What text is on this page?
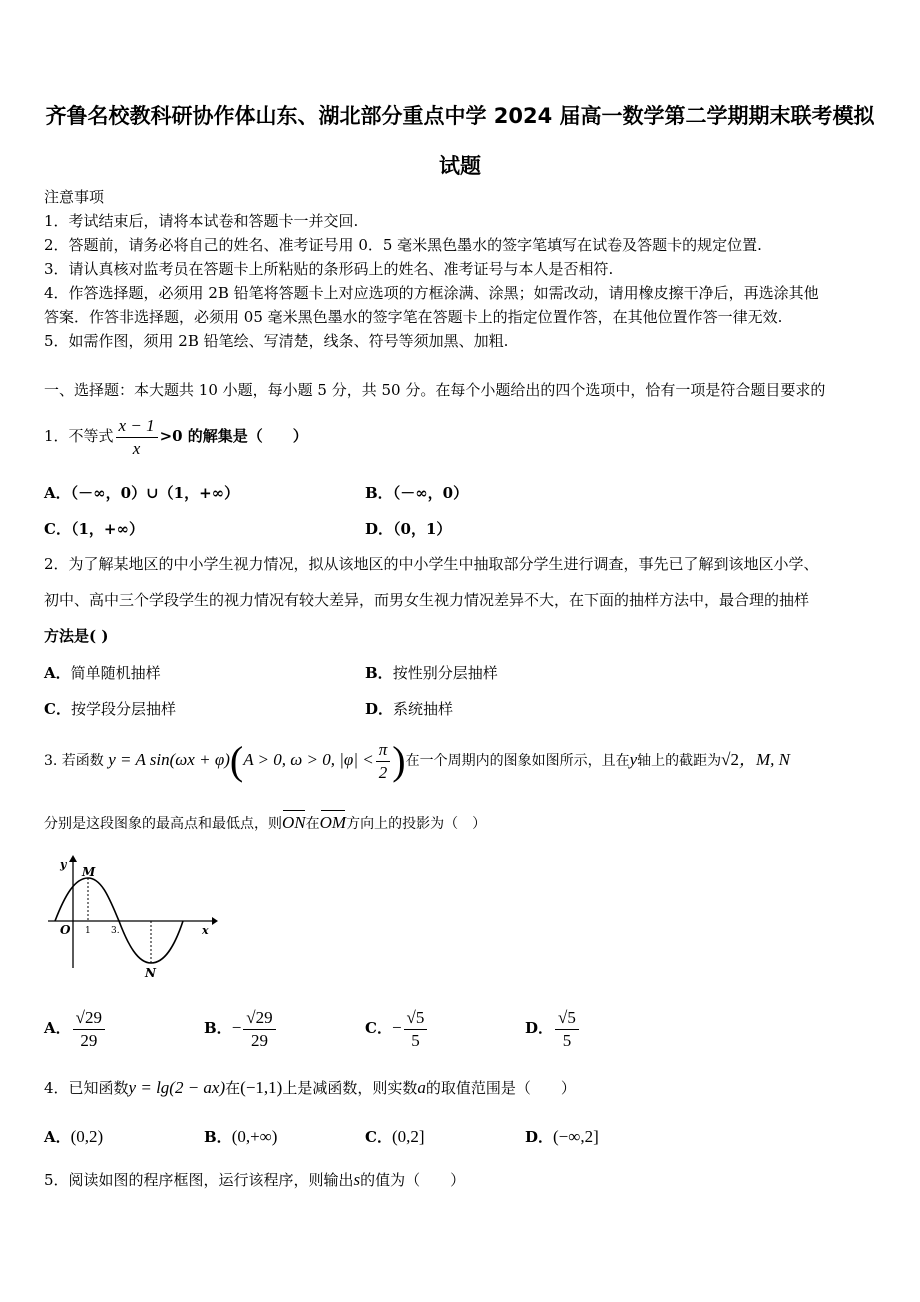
齐鲁名校教科研协作体山东、湖北部分重点中学 2024 届高一数学第二学期期末联考模拟
试题
注意事项
1．考试结束后，请将本试卷和答题卡一并交回.
2．答题前，请务必将自己的姓名、准考证号用 0．5 毫米黑色墨水的签字笔填写在试卷及答题卡的规定位置.
3．请认真核对监考员在答题卡上所粘贴的条形码上的姓名、准考证号与本人是否相符.
4．作答选择题，必须用 2B 铅笔将答题卡上对应选项的方框涂满、涂黑；如需改动，请用橡皮擦干净后，再选涂其他
答案．作答非选择题，必须用 05 毫米黑色墨水的签字笔在答题卡上的指定位置作答，在其他位置作答一律无效.
5．如需作图，须用 2B 铅笔绘、写清楚，线条、符号等须加黑、加粗.
一、选择题：本大题共 10 小题，每小题 5 分，共 50 分。在每个小题给出的四个选项中，恰有一项是符合题目要求的
1．不等式 $\frac{x - 1}{x} >0$ 的解集是（　　）
A．（－∞，0）∪（1，+∞）	B．（－∞，0）
C．（1，+∞）	D．（0，1）
2．为了解某地区的中小学生视力情况，拟从该地区的中小学生中抽取部分学生进行调查，事先已了解到该地区小学、
初中、高中三个学段学生的视力情况有较大差异，而男女生视力情况差异不大，在下面的抽样方法中，最合理的抽样
方法是( )
A．简单随机抽样	B．按性别分层抽样
C．按学段分层抽样	D．系统抽样
3. 若函数 y = A sin(ωx + φ)(A > 0, ω > 0, $|\varphi| < \frac{\pi}{2}$ )在一个周期内的图象如图所示，且在y轴上的截距为√2，M, N
分别是这段图象的最高点和最低点，则ON在OM方向上的投影为（　）
y
M
O 1 3.	x
N
A． $\frac{√29}{29}$	B．− $\frac{√29}{29}$	C．− $\frac{√5}{5}$	D． $\frac{√5}{5}$
4．已知函数y = lg(2 − ax)在(−1,1)上是减函数，则实数a的取值范围是（　　）
A．(0,2)	B．(0,+∞)	C．(0,2]	D．(−∞,2]
5．阅读如图的程序框图，运行该程序，则输出s的值为（　　）
